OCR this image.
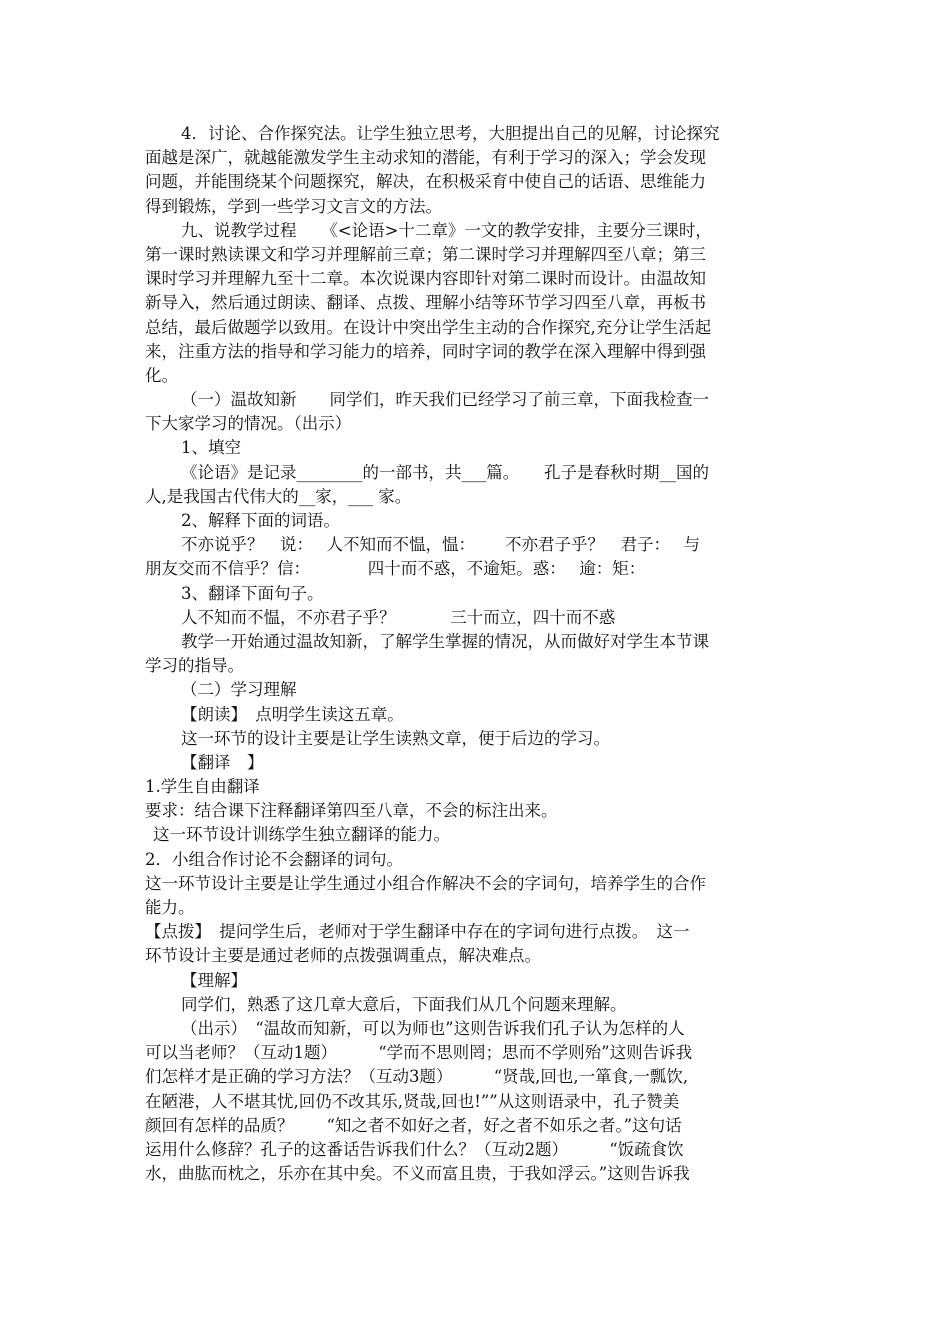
4．讨论、合作探究法。让学生独立思考，大胆提出自己的见解，讨论探究
面越是深广，就越能激发学生主动求知的潜能，有利于学习的深入；学会发现
问题，并能围绕某个问题探究，解决，在积极采育中使自己的话语、思维能力
得到锻炼，学到一些学习文言文的方法。
九、说教学过程　　《<论语>十二章》一文的教学安排，主要分三课时，
第一课时熟读课文和学习并理解前三章；第二课时学习并理解四至八章；第三
课时学习并理解九至十二章。本次说课内容即针对第二课时而设计。由温故知
新导入，然后通过朗读、翻译、点拨、理解小结等环节学习四至八章，再板书
总结，最后做题学以致用。在设计中突出学生主动的合作探究,充分让学生活起
来，注重方法的指导和学习能力的培养，同时字词的教学在深入理解中得到强
化。
（一）温故知新　　同学们，昨天我们已经学习了前三章，下面我检查一
下大家学习的情况。（出示）
1、填空
《论语》是记录________的一部书，共___篇。　　孔子是春秋时期__国的
人,是我国古代伟大的__家，___ 家。
2、解释下面的词语。
不亦说乎？　说：　 人不知而不愠，愠：　　 不亦君子乎？　君子：　 与
朋友交而不信乎？信：　　　　四十而不惑，不逾矩。惑：　 逾：矩：
3、翻译下面句子。
人不知而不愠，不亦君子乎？　　　 三十而立，四十而不惑
教学一开始通过温故知新，了解学生掌握的情况，从而做好对学生本节课
学习的指导。
（二）学习理解
【朗读】　点明学生读这五章。
这一环节的设计主要是让学生读熟文章，便于后边的学习。
【翻译　】
1.学生自由翻译
要求：结合课下注释翻译第四至八章，不会的标注出来。
这一环节设计训练学生独立翻译的能力。
2．小组合作讨论不会翻译的词句。
这一环节设计主要是让学生通过小组合作解决不会的字词句，培养学生的合作
能力。
【点拨】　提问学生后，老师对于学生翻译中存在的字词句进行点拨。　这一
环节设计主要是通过老师的点拨强调重点，解决难点。
【理解】
同学们，熟悉了这几章大意后，下面我们从几个问题来理解。
（出示）　“温故而知新，可以为师也”这则告诉我们孔子认为怎样的人
可以当老师？（互动1题）　　　“学而不思则罔；思而不学则殆”这则告诉我
们怎样才是正确的学习方法？（互动3题）　　　“贤哉,回也,一箪食,一瓢饮,
在陋港，人不堪其忧,回仍不改其乐,贤哉,回也!””从这则语录中，孔子赞美
颜回有怎样的品质？　　“知之者不如好之者，好之者不如乐之者。”这句话
运用什么修辞？孔子的这番话告诉我们什么？（互动2题）　　　“饭疏食饮
水，曲肱而枕之，乐亦在其中矣。不义而富且贵，于我如浮云。”这则告诉我
